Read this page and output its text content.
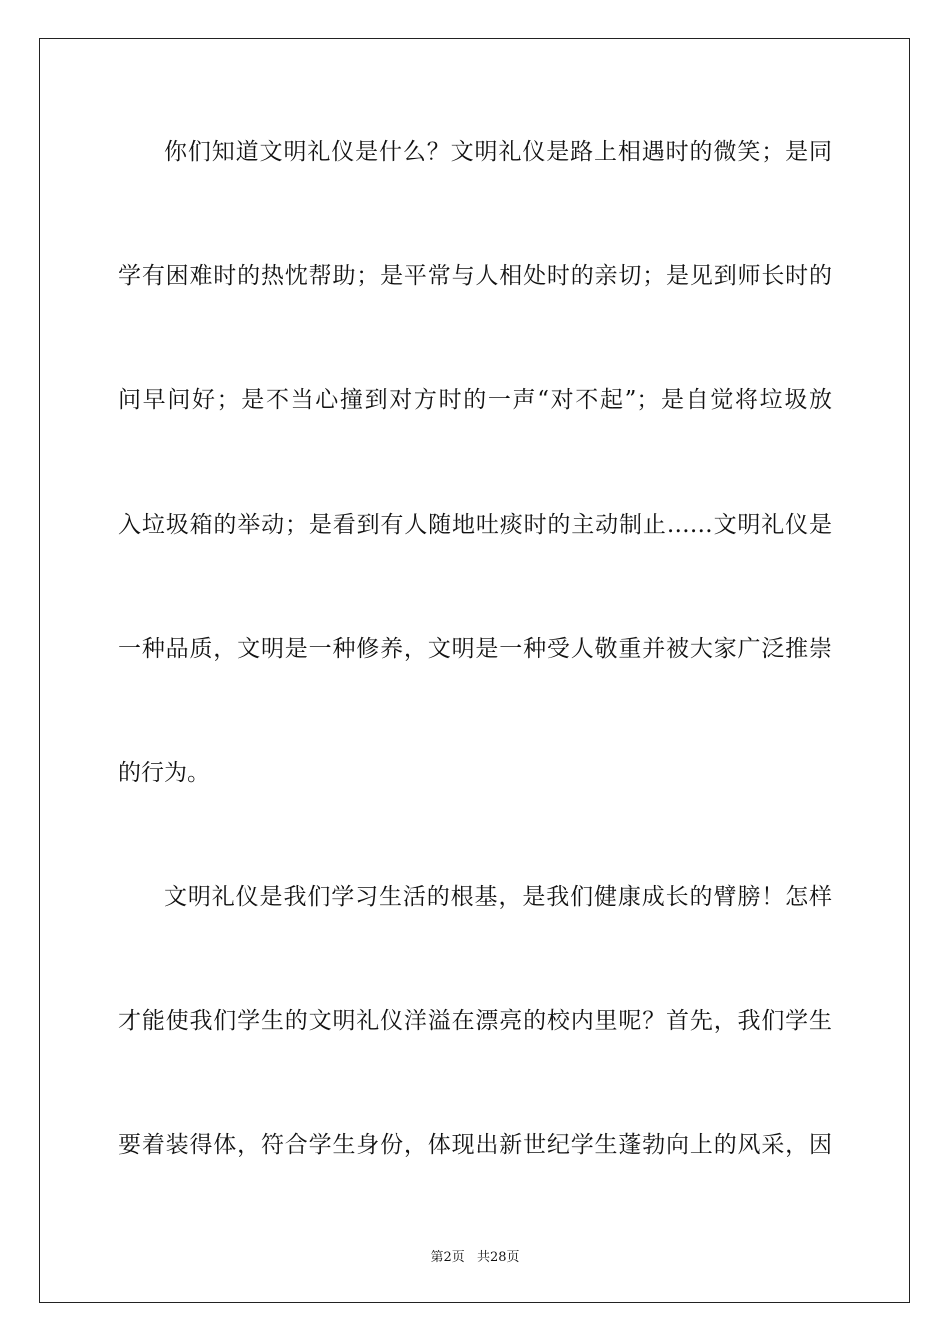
你们知道文明礼仪是什么？文明礼仪是路上相遇时的微笑；是同
学有困难时的热忱帮助；是平常与人相处时的亲切；是见到师长时的
问早问好；是不当心撞到对方时的一声“对不起”；是自觉将垃圾放
入垃圾箱的举动；是看到有人随地吐痰时的主动制止……文明礼仪是
一种品质，文明是一种修养，文明是一种受人敬重并被大家广泛推崇
的行为。
文明礼仪是我们学习生活的根基，是我们健康成长的臂膀！怎样
才能使我们学生的文明礼仪洋溢在漂亮的校内里呢？首先，我们学生
要着装得体，符合学生身份，体现出新世纪学生蓬勃向上的风采，因
第2页 共28页
